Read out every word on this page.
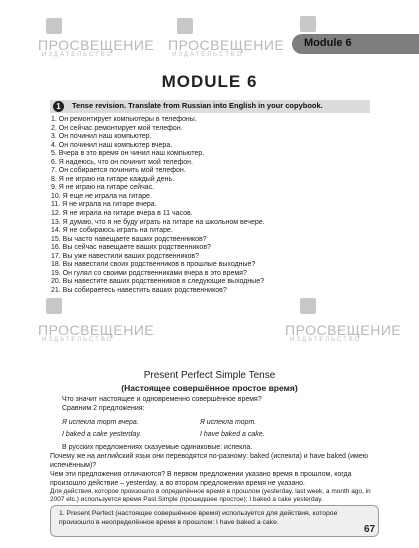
ПРОСВЕЩЕНИЕ
ИЗДАТЕЛЬСТВО
ПРОСВЕЩЕНИЕ
ИЗДАТЕЛЬСТВО
Module 6
MODULE 6
1	Tense revision. Translate from Russian into English in your copybook.
1. Он ремонтирует компьютеры в телефоны.
2. Он сейчас ремонтирует мой телефон.
3. Он починил наш компьютер.
4. Он починил наш компьютер вчера.
5. Вчера в это время он чинил наш компьютер.
6. Я надеюсь, что он починит мой телефон.
7. Он собирается починить мой телефон.
8. Я не играю на гитаре каждый день.
9. Я не играю на гитаре сейчас.
10. Я еще не играла на гитаре.
11. Я не играла на гитаре вчера.
12. Я не играла на гитаре вчера в 11 часов.
13. Я думаю, что я не буду играть на гитаре на школьном вечере.
14. Я не собираюсь играть на гитаре.
15. Вы часто навещаете ваших родственников?
16. Вы сейчас навещаете ваших родственников?
17. Вы уже навестили ваших родственников?
18. Вы навестили своих родственников в прошлые выходные?
19. Он гулял со своими родственниками вчера в это время?
20. Вы навестите ваших родственников в следующие выходные?
21. Вы собираетесь навестить ваших родственников?
ПРОСВЕЩЕНИЕ
ИЗДАТЕЛЬСТВО
ПРОСВЕЩЕНИЕ
ИЗДАТЕЛЬСТВО
Present Perfect Simple Tense
(Настоящее совершённое простое время)
Что значит настоящее и одновременно совершённое время?
Сравним 2 предложения:
Я испекла торт вчера.	Я испекла торт.
I baked a cake yesterday.	I have baked a cake.
В русских предложениях сказуемые одинаковые: испекла.
Почему же на английский язык они переводятся по-разному: baked (испекла) и have baked (имею испечённым)?
Чем эти предложения отличаются? В первом предложении указано время в прошлом, когда произошло действие – yesterday, а во втором предложении время не указано.
Для действия, которое произошло в определённое время в прошлом (yesterday, last week, a month ago, in 2007 etc.) используется время Past Simple (прошедшее простое): I baked a cake yesterday.
1. Present Perfect (настоящее совершённое время) используется для действия, которое произошло в неопределённое время в прошлом: I have baked a cake.
67
